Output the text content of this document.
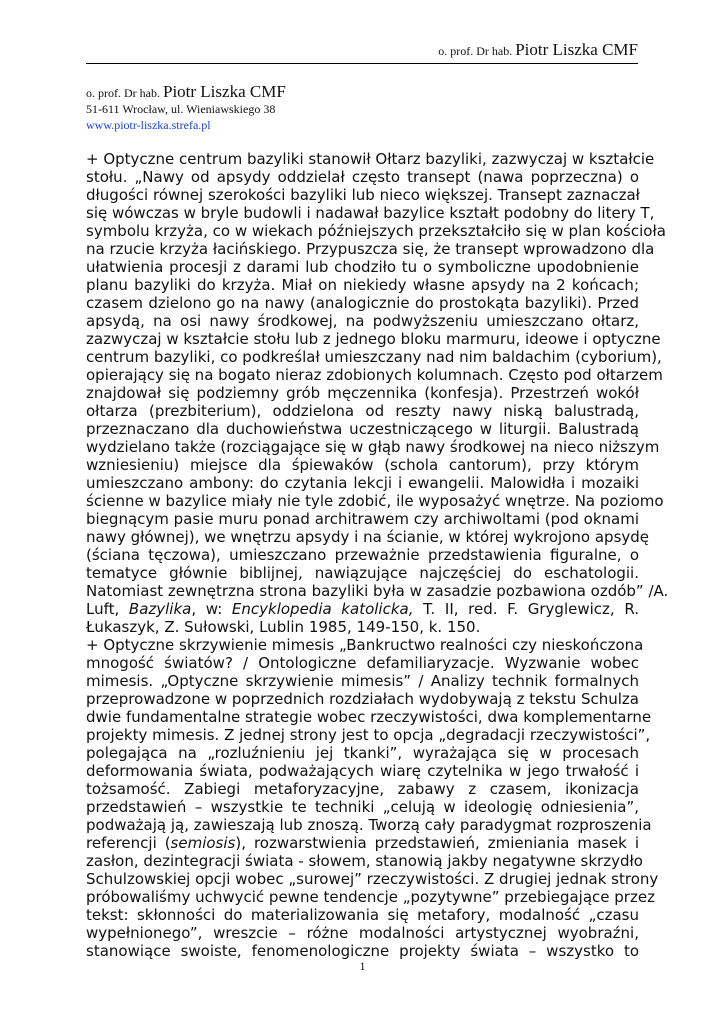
o. prof. Dr hab. Piotr Liszka CMF
o. prof. Dr hab. Piotr Liszka CMF
51-611 Wrocław, ul. Wieniawskiego 38
www.piotr-liszka.strefa.pl
+ Optyczne centrum bazyliki stanowił Ołtarz bazyliki, zazwyczaj w kształcie
stołu. „Nawy od apsydy oddzielał często transept (nawa poprzeczna) o
długości równej szerokości bazyliki lub nieco większej. Transept zaznaczał
się wówczas w bryle budowli i nadawał bazylice kształt podobny do litery T,
symbolu krzyża, co w wiekach późniejszych przekształciło się w plan kościoła
na rzucie krzyża łacińskiego. Przypuszcza się, że transept wprowadzono dla
ułatwienia procesji z darami lub chodziło tu o symboliczne upodobnienie
planu bazyliki do krzyża. Miał on niekiedy własne apsydy na 2 końcach;
czasem dzielono go na nawy (analogicznie do prostokąta bazyliki). Przed
apsydą, na osi nawy środkowej, na podwyższeniu umieszczano ołtarz,
zazwyczaj w kształcie stołu lub z jednego bloku marmuru, ideowe i optyczne
centrum bazyliki, co podkreślał umieszczany nad nim baldachim (cyborium),
opierający się na bogato nieraz zdobionych kolumnach. Często pod ołtarzem
znajdował się podziemny grób męczennika (konfesja). Przestrzeń wokół
ołtarza (prezbiterium), oddzielona od reszty nawy niską balustradą,
przeznaczano dla duchowieństwa uczestniczącego w liturgii. Balustradą
wydzielano także (rozciągające się w głąb nawy środkowej na nieco niższym
wzniesieniu) miejsce dla śpiewaków (schola cantorum), przy którym
umieszczano ambony: do czytania lekcji i ewangelii. Malowidła i mozaiki
ścienne w bazylice miały nie tyle zdobić, ile wyposażyć wnętrze. Na poziomo
biegnącym pasie muru ponad architrawem czy archiwoltami (pod oknami
nawy głównej), we wnętrzu apsydy i na ścianie, w której wykrojono apsydę
(ściana tęczowa), umieszczano przeważnie przedstawienia figuralne, o
tematyce głównie biblijnej, nawiązujące najczęściej do eschatologii.
Natomiast zewnętrzna strona bazyliki była w zasadzie pozbawiona ozdób” /A.
Luft, Bazylika, w: Encyklopedia katolicka, T. II, red. F. Gryglewicz, R.
Łukaszyk, Z. Sułowski, Lublin 1985, 149-150, k. 150.
+ Optyczne skrzywienie mimesis „Bankructwo realności czy nieskończona
mnogość światów? / Ontologiczne defamiliaryzacje. Wyzwanie wobec
mimesis. „Optyczne skrzywienie mimesis” / Analizy technik formalnych
przeprowadzone w poprzednich rozdziałach wydobywają z tekstu Schulza
dwie fundamentalne strategie wobec rzeczywistości, dwa komplementarne
projekty mimesis. Z jednej strony jest to opcja „degradacji rzeczywistości”,
polegająca na „rozluźnieniu jej tkanki”, wyrażająca się w procesach
deformowania świata, podważających wiarę czytelnika w jego trwałość i
tożsamość. Zabiegi metaforyzacyjne, zabawy z czasem, ikonizacja
przedstawień – wszystkie te techniki „celują w ideologię odniesienia”,
podważają ją, zawieszają lub znoszą. Tworzą cały paradygmat rozproszenia
referencji (semiosis), rozwarstwienia przedstawień, zmieniania masek i
zasłon, dezintegracji świata - słowem, stanowią jakby negatywne skrzydło
Schulzowskiej opcji wobec „surowej” rzeczywistości. Z drugiej jednak strony
próbowaliśmy uchwycić pewne tendencje „pozytywne” przebiegające przez
tekst: skłonności do materializowania się metafory, modalność „czasu
wypełnionego”, wreszcie – różne modalności artystycznej wyobraźni,
stanowiące swoiste, fenomenologiczne projekty świata – wszystko to
1
